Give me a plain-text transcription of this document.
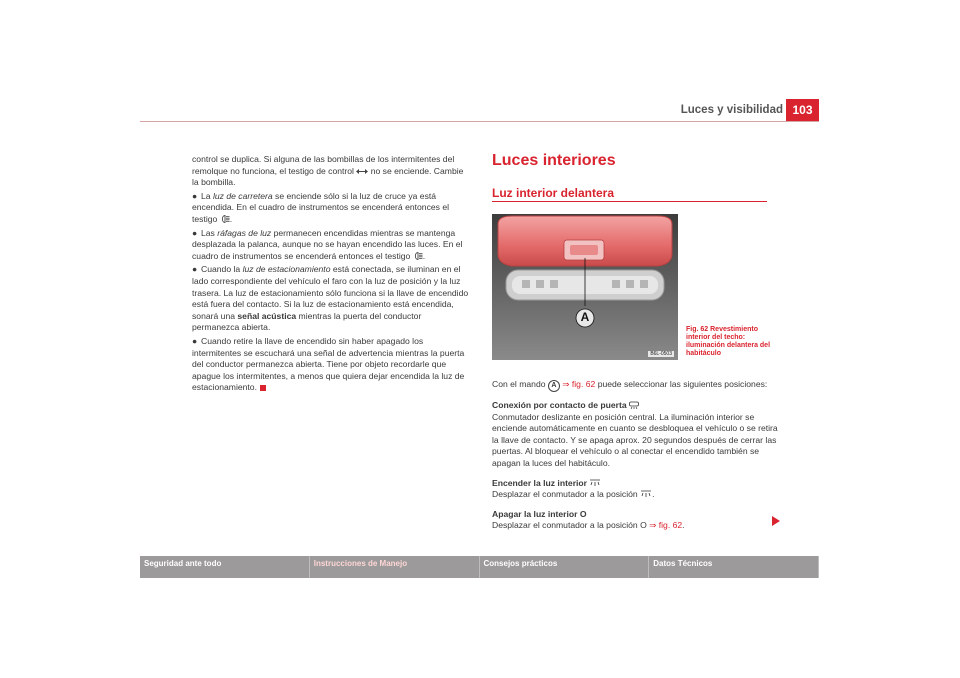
Luces y visibilidad 103

control se duplica. Si alguna de las bombillas de los intermitentes del remolque no funciona, el testigo de control no se enciende. Cambie la bombilla.

● La luz de carretera se enciende sólo si la luz de cruce ya está encendida. En el cuadro de instrumentos se encenderá entonces el testigo .

● Las ráfagas de luz permanecen encendidas mientras se mantenga desplazada la palanca, aunque no se hayan encendido las luces. En el cuadro de instrumentos se encenderá entonces el testigo .

● Cuando la luz de estacionamiento está conectada, se iluminan en el lado correspondiente del vehículo el faro con la luz de posición y la luz trasera. La luz de estacionamiento sólo funciona si la llave de encendido está fuera del contacto. Si la luz de estacionamiento está encendida, sonará una señal acústica mientras la puerta del conductor permanezca abierta.

● Cuando retire la llave de encendido sin haber apagado los intermitentes se escuchará una señal de advertencia mientras la puerta del conductor permanezca abierta. Tiene por objeto recordarle que apague los intermitentes, a menos que quiera dejar encendida la luz de estacionamiento.

Luces interiores
Luz interior delantera
A
B6L-0503
Fig. 62 Revestimiento interior del techo: iluminación delantera del habitáculo

Con el mando A ⇒ fig. 62 puede seleccionar las siguientes posiciones:

Conexión por contacto de puerta

Conmutador deslizante en posición central. La iluminación interior se enciende automáticamente en cuanto se desbloquea el vehículo o se retira la llave de contacto. Y se apaga aprox. 20 segundos después de cerrar las puertas. Al bloquear el vehículo o al conectar el encendido también se apagan la luces del habitáculo.

Encender la luz interior

Desplazar el conmutador a la posición .

Apagar la luz interior O

Desplazar el conmutador a la posición O ⇒ fig. 62.

Seguridad ante todo	Instrucciones de Manejo	Consejos prácticos	Datos Técnicos
